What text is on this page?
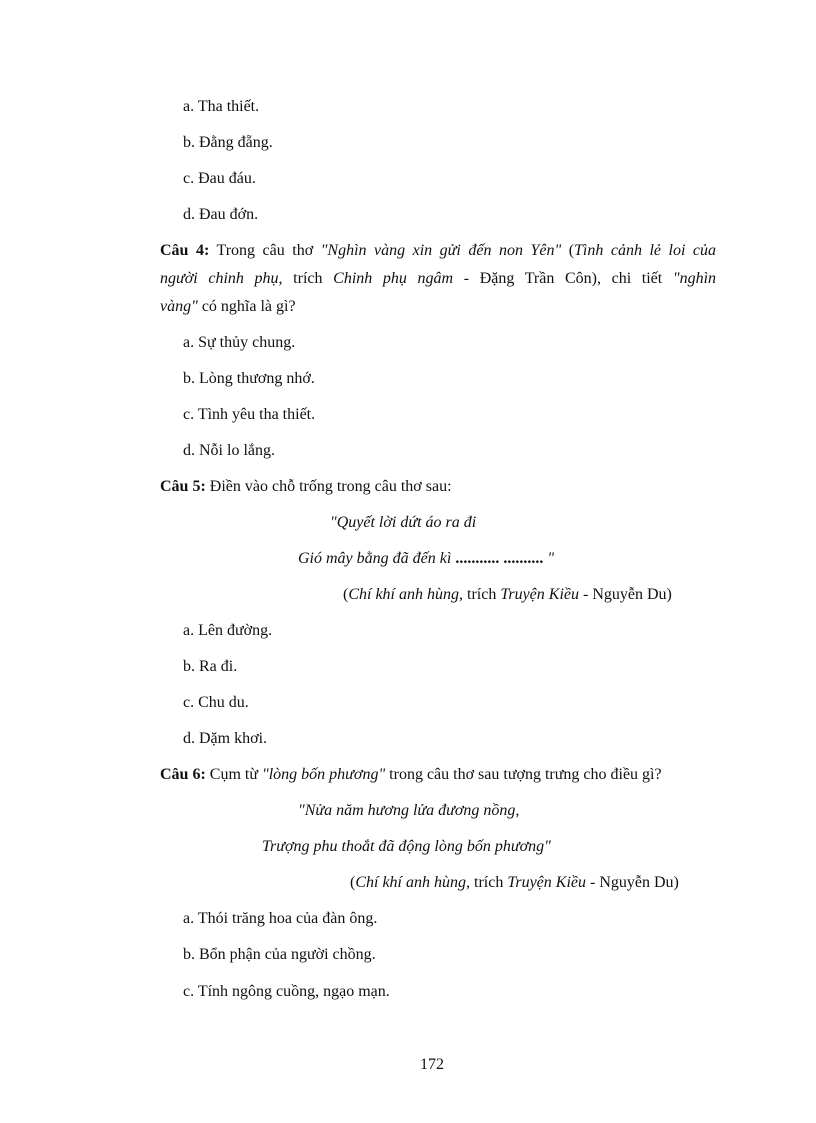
a. Tha thiết.
b. Đằng đẵng.
c. Đau đáu.
d. Đau đớn.
Câu 4: Trong câu thơ "Nghìn vàng xin gửi đến non Yên" (Tình cảnh lẻ loi của
người chinh phụ, trích Chinh phụ ngâm - Đặng Trần Côn), chi tiết "nghìn
vàng" có nghĩa là gì?
a. Sự thủy chung.
b. Lòng thương nhớ.
c. Tình yêu tha thiết.
d. Nỗi lo lắng.
Câu 5: Điền vào chỗ trống trong câu thơ sau:
"Quyết lời dứt áo ra đi
Gió mây bằng đã đến kì ........... .......... "
(Chí khí anh hùng, trích Truyện Kiều - Nguyễn Du)
a. Lên đường.
b. Ra đi.
c. Chu du.
d. Dặm khơi.
Câu 6: Cụm từ "lòng bốn phương" trong câu thơ sau tượng trưng cho điều gì?
"Nửa năm hương lửa đương nồng,
Trượng phu thoắt đã động lòng bốn phương"
(Chí khí anh hùng, trích Truyện Kiều - Nguyễn Du)
a. Thói trăng hoa của đàn ông.
b. Bổn phận của người chồng.
c. Tính ngông cuồng, ngạo mạn.
172
